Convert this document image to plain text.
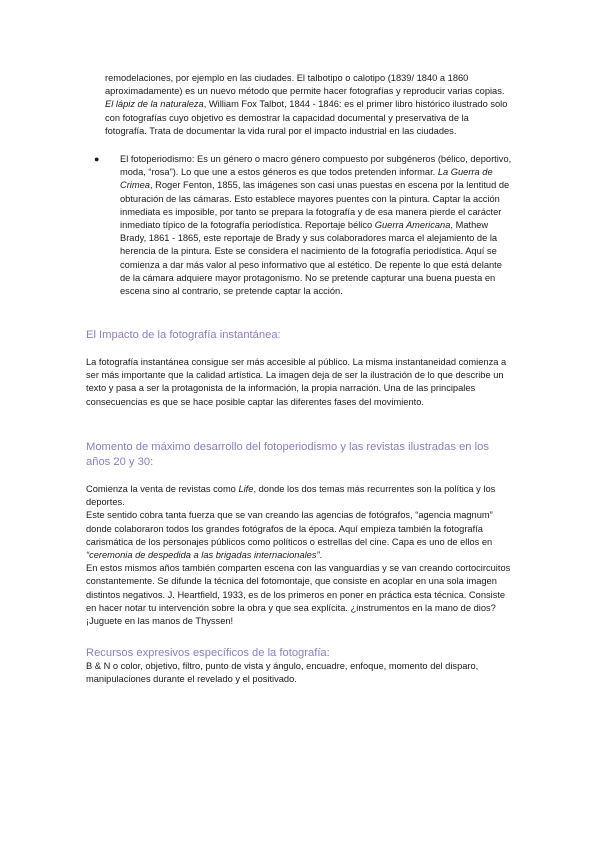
remodelaciones, por ejemplo en las ciudades. El talbotipo o calotipo (1839/ 1840 a 1860 aproximadamente) es un nuevo método que permite hacer fotografías y reproducir varias copias. El lápiz de la naturaleza, William Fox Talbot, 1844 - 1846: es el primer libro histórico ilustrado solo con fotografías cuyo objetivo es demostrar la capacidad documental y preservativa de la fotografía. Trata de documentar la vida rural por el impacto industrial en las ciudades.

●	El fotoperiodismo: Es un género o macro género compuesto por subgéneros (bélico, deportivo, moda, “rosa”). Lo que une a estos géneros es que todos pretenden informar. La Guerra de Crimea, Roger Fenton, 1855, las imágenes son casi unas puestas en escena por la lentitud de obturación de las cámaras. Esto establece mayores puentes con la pintura. Captar la acción inmediata es imposible, por tanto se prepara la fotografía y de esa manera pierde el carácter inmediato típico de la fotografía periodística. Reportaje bélico Guerra Americana, Mathew Brady, 1861 - 1865, este reportaje de Brady y sus colaboradores marca el alejamiento de la herencia de la pintura. Este se considera el nacimiento de la fotografía periodística. Aquí se comienza a dar más valor al peso informativo que al estético. De repente lo que está delante de la cámara adquiere mayor protagonismo. No se pretende capturar una buena puesta en escena sino al contrario, se pretende captar la acción.
El Impacto de la fotografía instantánea:

La fotografía instantánea consigue ser más accesible al público. La misma instantaneidad comienza a ser más importante que la calidad artística. La imagen deja de ser la ilustración de lo que describe un texto y pasa a ser la protagonista de la información, la propia narración. Una de las principales consecuencias es que se hace posible captar las diferentes fases del movimiento.

Momento de máximo desarrollo del fotoperiodismo y las revistas ilustradas en los años 20 y 30:
Comienza la venta de revistas como Life, donde los dos temas más recurrentes son la política y los deportes.
Este sentido cobra tanta fuerza que se van creando las agencias de fotógrafos, “agencia magnum” donde colaboraron todos los grandes fotógrafos de la época. Aquí empieza también la fotografía carismática de los personajes públicos como políticos o estrellas del cine. Capa es uno de ellos en “ceremonia de despedida a las brigadas internacionales”.
En estos mismos años también comparten escena con las vanguardias y se van creando cortocircuitos constantemente. Se difunde la técnica del fotomontaje, que consiste en acoplar en una sola imagen distintos negativos. J. Heartfield, 1933, es de los primeros en poner en práctica esta técnica. Consiste en hacer notar tu intervención sobre la obra y que sea explícita. ¿instrumentos en la mano de dios? ¡Juguete en las manos de Thyssen!
Recursos expresivos específicos de la fotografía:

B & N o color, objetivo, filtro, punto de vista y ángulo, encuadre, enfoque, momento del disparo, manipulaciones durante el revelado y el positivado.
